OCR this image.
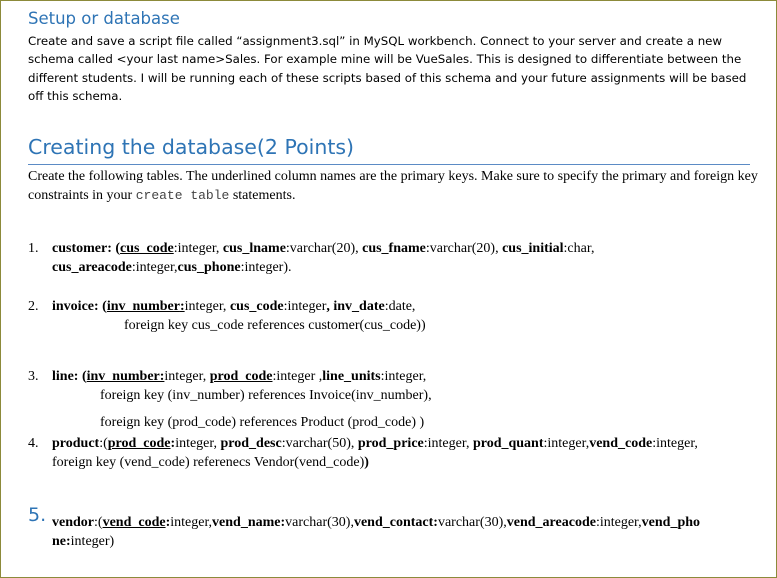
Setup or database
Create and save a script file called “assignment3.sql” in MySQL workbench. Connect to your server and create a new schema called <your last name>Sales. For example mine will be VueSales. This is designed to differentiate between the different students. I will be running each of these scripts based of this schema and your future assignments will be based off this schema.
Creating the database(2 Points)
Create the following tables. The underlined column names are the primary keys. Make sure to specify the primary and foreign key constraints in your create table statements.
1. customer: (cus_code:integer, cus_lname:varchar(20), cus_fname:varchar(20), cus_initial:char,
cus_areacode:integer,cus_phone:integer).
2. invoice: (inv_number:integer, cus_code:integer, inv_date:date,
foreign key cus_code references customer(cus_code))
3. line: (inv_number:integer, prod_code:integer ,line_units:integer,
foreign key (inv_number) references Invoice(inv_number),
foreign key (prod_code) references Product (prod_code) )
4. product:(prod_code:integer, prod_desc:varchar(50), prod_price:integer, prod_quant:integer,vend_code:integer,
foreign key (vend_code) referenecs Vendor(vend_code))
5. vendor:(vend_code:integer,vend_name:varchar(30),vend_contact:varchar(30),vend_areacode:integer,vend_pho
ne:integer)
